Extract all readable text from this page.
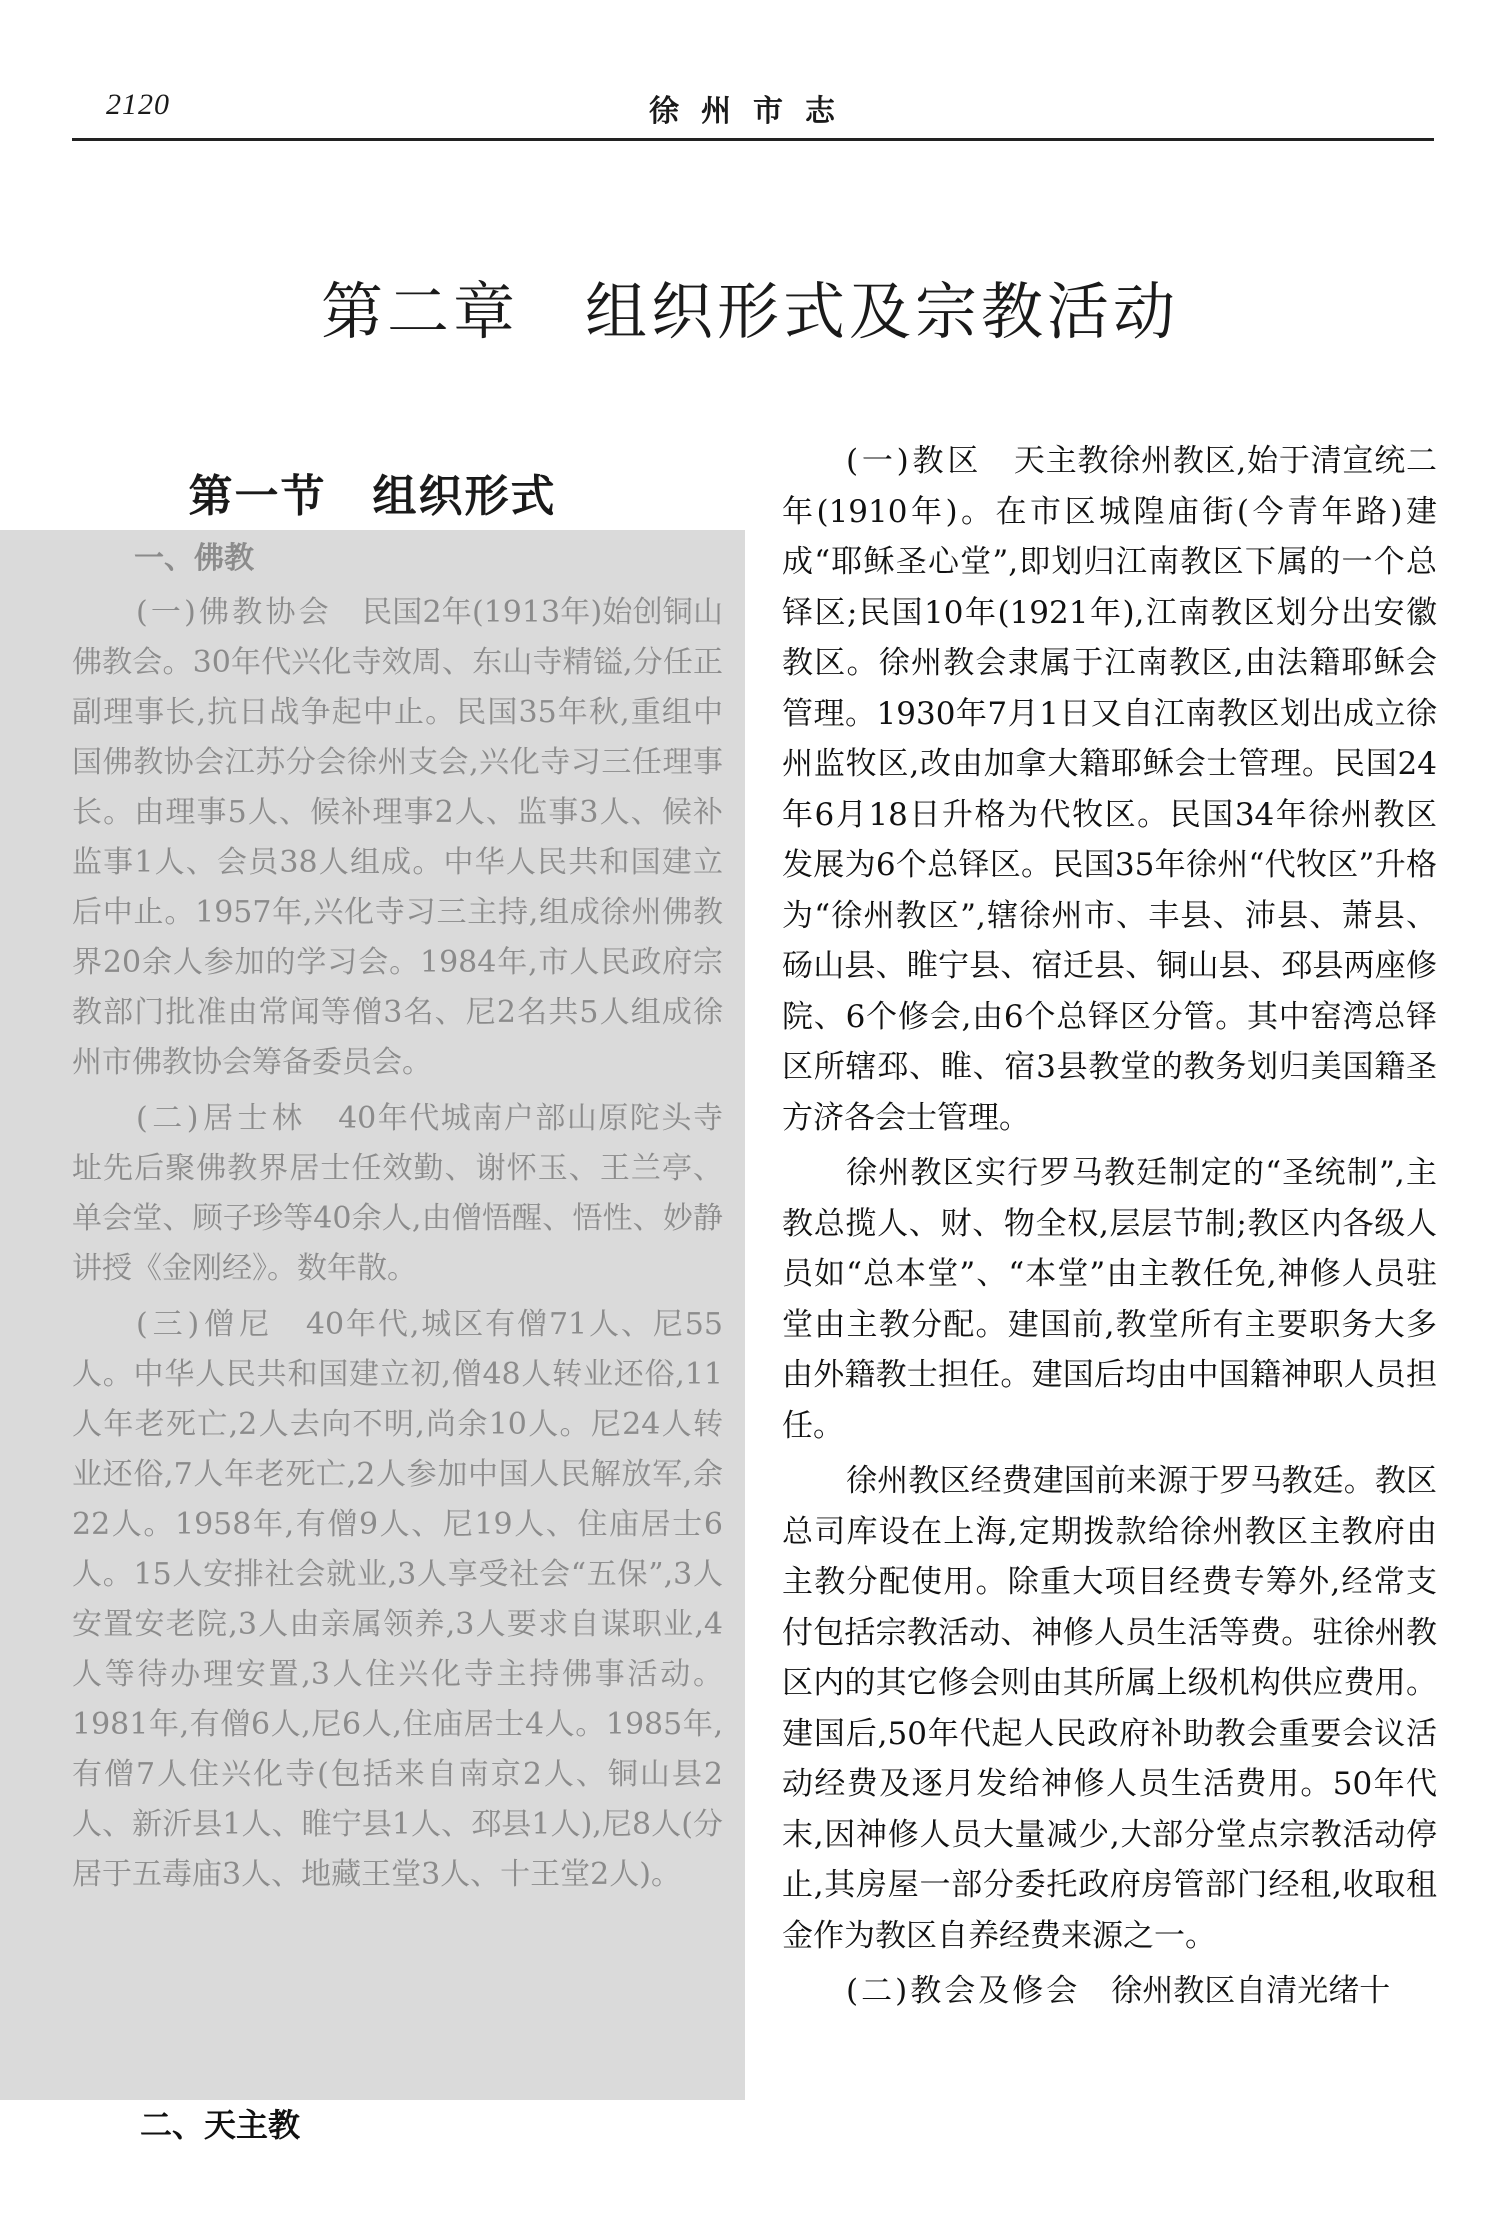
2120	徐州市志
第二章　组织形式及宗教活动
第一节　组织形式

一、佛教

(一)佛教协会　民国2年(1913年)始创铜山佛教会。30年代兴化寺效周、东山寺精镒,分任正副理事长,抗日战争起中止。民国35年秋,重组中国佛教协会江苏分会徐州支会,兴化寺习三任理事长。由理事5人、候补理事2人、监事3人、候补监事1人、会员38人组成。中华人民共和国建立后中止。1957年,兴化寺习三主持,组成徐州佛教界20余人参加的学习会。1984年,市人民政府宗教部门批准由常闻等僧3名、尼2名共5人组成徐州市佛教协会筹备委员会。

(二)居士林　40年代城南户部山原陀头寺址先后聚佛教界居士任效勤、谢怀玉、王兰亭、单会堂、顾子珍等40余人,由僧悟醒、悟性、妙静讲授《金刚经》。数年散。

(三)僧尼　40年代,城区有僧71人、尼55人。中华人民共和国建立初,僧48人转业还俗,11人年老死亡,2人去向不明,尚余10人。尼24人转业还俗,7人年老死亡,2人参加中国人民解放军,余22人。1958年,有僧9人、尼19人、住庙居士6人。15人安排社会就业,3人享受社会“五保”,3人安置安老院,3人由亲属领养,3人要求自谋职业,4人等待办理安置,3人住兴化寺主持佛事活动。1981年,有僧6人,尼6人,住庙居士4人。1985年,有僧7人住兴化寺(包括来自南京2人、铜山县2人、新沂县1人、睢宁县1人、邳县1人),尼8人(分居于五毒庙3人、地藏王堂3人、十王堂2人)。

二、天主教

(一)教区　天主教徐州教区,始于清宣统二年(1910年)。在市区城隍庙街(今青年路)建成“耶稣圣心堂”,即划归江南教区下属的一个总铎区;民国10年(1921年),江南教区划分出安徽教区。徐州教会隶属于江南教区,由法籍耶稣会管理。1930年7月1日又自江南教区划出成立徐州监牧区,改由加拿大籍耶稣会士管理。民国24年6月18日升格为代牧区。民国34年徐州教区发展为6个总铎区。民国35年徐州“代牧区”升格为“徐州教区”,辖徐州市、丰县、沛县、萧县、砀山县、睢宁县、宿迁县、铜山县、邳县两座修院、6个修会,由6个总铎区分管。其中窑湾总铎区所辖邳、睢、宿3县教堂的教务划归美国籍圣方济各会士管理。

徐州教区实行罗马教廷制定的“圣统制”,主教总揽人、财、物全权,层层节制;教区内各级人员如“总本堂”、“本堂”由主教任免,神修人员驻堂由主教分配。建国前,教堂所有主要职务大多由外籍教士担任。建国后均由中国籍神职人员担任。

徐州教区经费建国前来源于罗马教廷。教区总司库设在上海,定期拨款给徐州教区主教府由主教分配使用。除重大项目经费专筹外,经常支付包括宗教活动、神修人员生活等费。驻徐州教区内的其它修会则由其所属上级机构供应费用。建国后,50年代起人民政府补助教会重要会议活动经费及逐月发给神修人员生活费用。50年代末,因神修人员大量减少,大部分堂点宗教活动停止,其房屋一部分委托政府房管部门经租,收取租金作为教区自养经费来源之一。

(二)教会及修会　徐州教区自清光绪十
